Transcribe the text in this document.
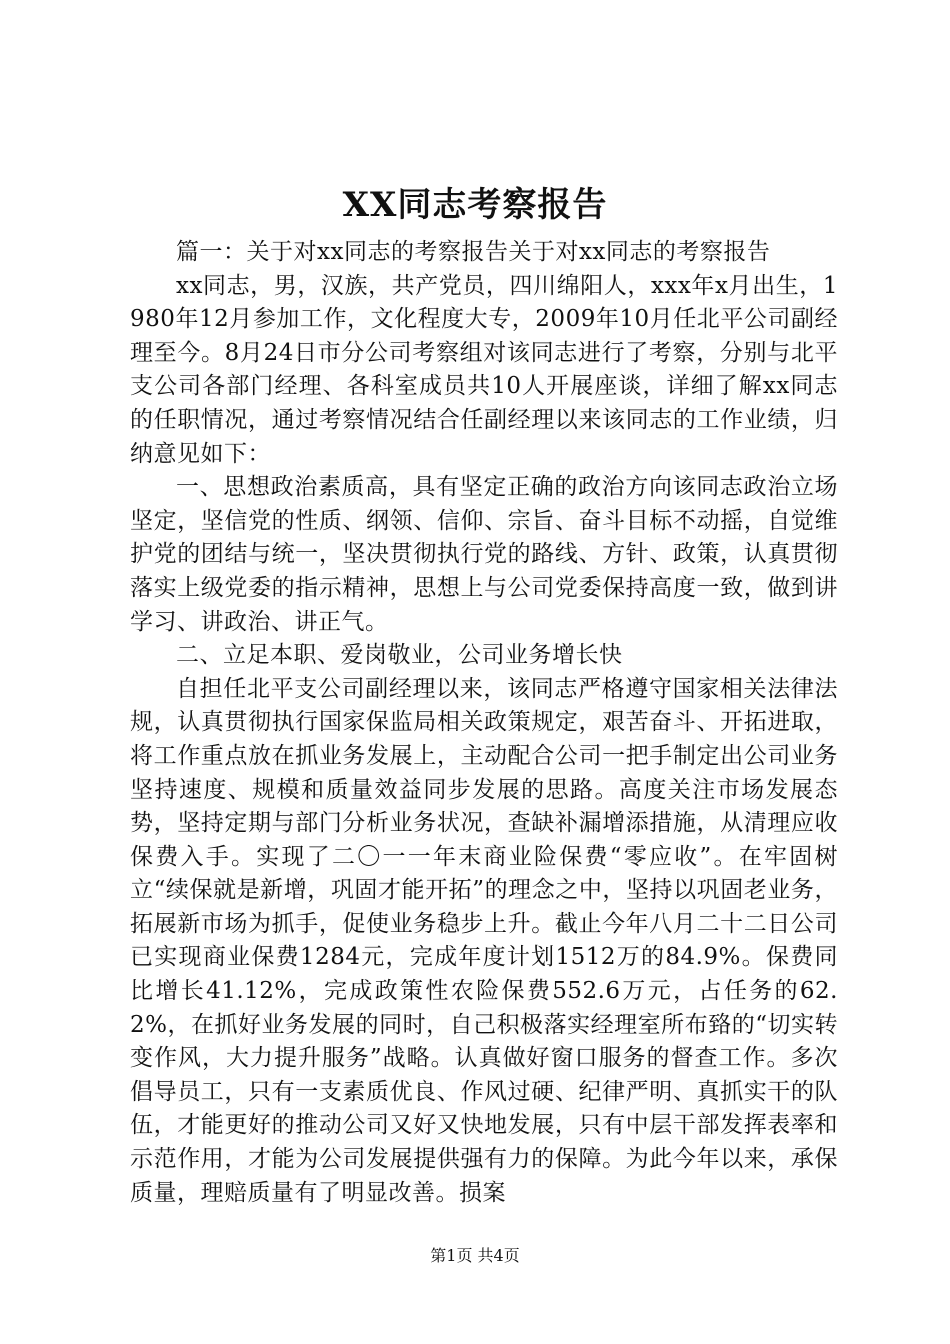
XX同志考察报告

篇一：关于对xx同志的考察报告关于对xx同志的考察报告

xx同志，男，汉族，共产党员，四川绵阳人，xxx年x月出生，1980年12月参加工作，文化程度大专，2009年10月任北平公司副经理至今。8月24日市分公司考察组对该同志进行了考察，分别与北平支公司各部门经理、各科室成员共10人开展座谈，详细了解xx同志的任职情况，通过考察情况结合任副经理以来该同志的工作业绩，归纳意见如下：

一、思想政治素质高，具有坚定正确的政治方向该同志政治立场坚定，坚信党的性质、纲领、信仰、宗旨、奋斗目标不动摇，自觉维护党的团结与统一，坚决贯彻执行党的路线、方针、政策，认真贯彻落实上级党委的指示精神，思想上与公司党委保持高度一致，做到讲学习、讲政治、讲正气。

二、立足本职、爱岗敬业，公司业务增长快

自担任北平支公司副经理以来，该同志严格遵守国家相关法律法规，认真贯彻执行国家保监局相关政策规定，艰苦奋斗、开拓进取，将工作重点放在抓业务发展上，主动配合公司一把手制定出公司业务坚持速度、规模和质量效益同步发展的思路。高度关注市场发展态势，坚持定期与部门分析业务状况，查缺补漏增添措施，从清理应收保费入手。实现了二〇一一年末商业险保费“零应收”。在牢固树立“续保就是新增，巩固才能开拓”的理念之中，坚持以巩固老业务，拓展新市场为抓手，促使业务稳步上升。截止今年八月二十二日公司已实现商业保费1284元，完成年度计划1512万的84.9%。保费同比增长41.12%，完成政策性农险保费552.6万元，占任务的62.2%，在抓好业务发展的同时，自己积极落实经理室所布臵的“切实转变作风，大力提升服务”战略。认真做好窗口服务的督查工作。多次倡导员工，只有一支素质优良、作风过硬、纪律严明、真抓实干的队伍，才能更好的推动公司又好又快地发展，只有中层干部发挥表率和示范作用，才能为公司发展提供强有力的保障。为此今年以来，承保质量，理赔质量有了明显改善。损案

第1页 共4页
